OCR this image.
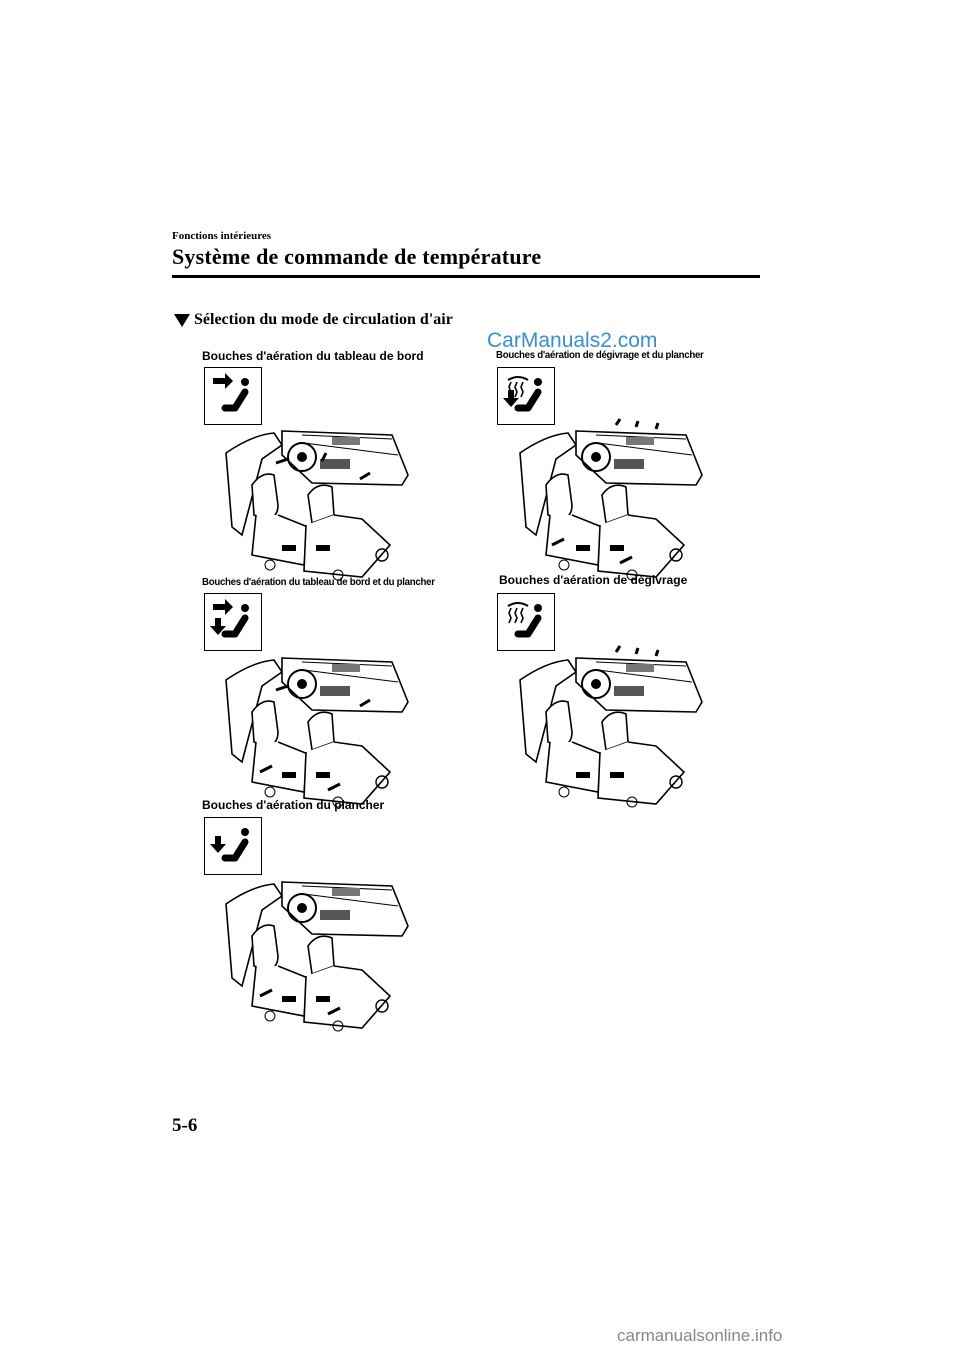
Fonctions intérieures
Système de commande de température
Sélection du mode de circulation d'air
CarManuals2.com
Bouches d'aération du tableau de bord	Bouches d'aération de dégivrage et du plancher
Bouches d'aération du tableau de bord et du plancher	Bouches d'aération de dégivrage
Bouches d'aération du plancher
5-6
carmanualsonline.info
